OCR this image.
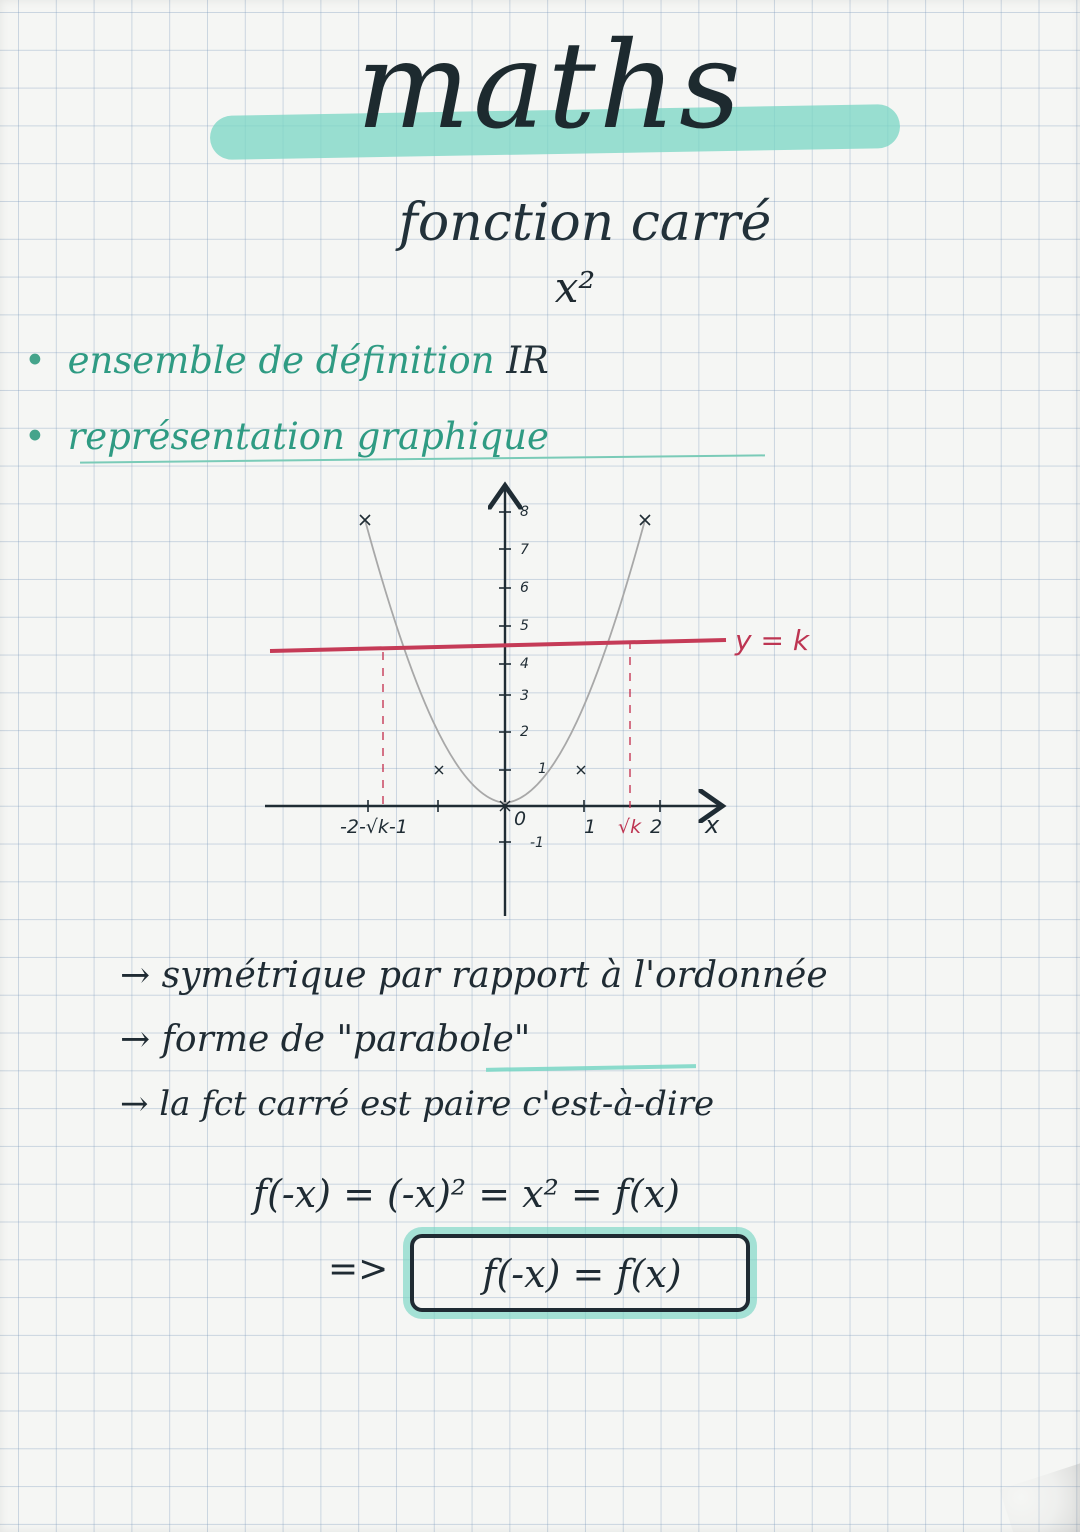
maths
fonction carré
x²
• ensemble de définition IR
• représentation graphique
8
7
6
5
4
3
2
1
-1
-2-√k-1	0	1 √k 2 x
y = k
→ symétrique par rapport à l'ordonnée
→ forme de "parabole"
→ la fct carré est paire c'est-à-dire
f(-x) = (-x)² = x² = f(x)
=>	f(-x) = f(x)
